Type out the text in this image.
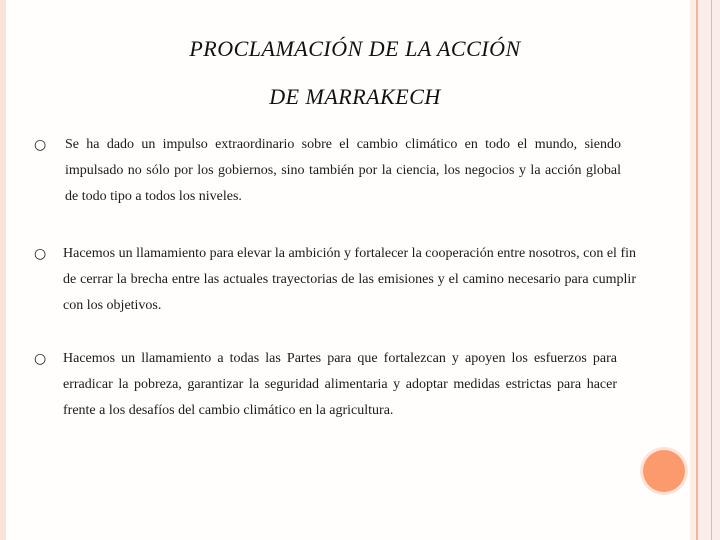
PROCLAMACIÓN DE LA ACCIÓN
DE MARRAKECH
○ Se ha dado un impulso extraordinario sobre el cambio climático en todo el mundo, siendo impulsado no sólo por los gobiernos, sino también por la ciencia, los negocios y la acción global de todo tipo a todos los niveles.
○ Hacemos un llamamiento para elevar la ambición y fortalecer la cooperación entre nosotros, con el fin de cerrar la brecha entre las actuales trayectorias de las emisiones y el camino necesario para cumplir con los objetivos.
○ Hacemos un llamamiento a todas las Partes para que fortalezcan y apoyen los esfuerzos para erradicar la pobreza, garantizar la seguridad alimentaria y adoptar medidas estrictas para hacer frente a los desafíos del cambio climático en la agricultura.
